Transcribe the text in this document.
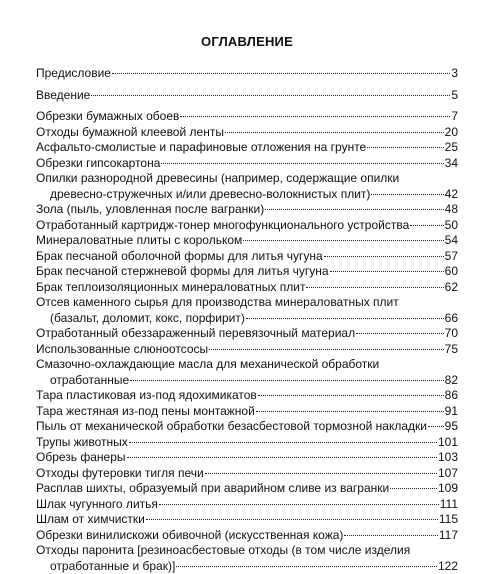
ОГЛАВЛЕНИЕ
Предисловие	3
Введение	5
Обрезки бумажных обоев	7
Отходы бумажной клеевой ленты	20
Асфальто-смолистые и парафиновые отложения на грунте	25
Обрезки гипсокартона	34
Опилки разнородной древесины (например, содержащие опилки
древесно-стружечных и/или древесно-волокнистых плит)	42
Зола (пыль, уловленная после вагранки)	48
Отработанный картридж-тонер многофункционального устройства	50
Минераловатные плиты с корольком	54
Брак песчаной оболочной формы для литья чугуна	57
Брак песчаной стержневой формы для литья чугуна	60
Брак теплоизоляционных минераловатных плит	62
Отсев каменного сырья для производства минераловатных плит
(базальт, доломит, кокс, порфирит)	66
Отработанный обеззараженный перевязочный материал	70
Использованные слюноотсосы	75
Смазочно-охлаждающие масла для механической обработки
отработанные	82
Тара пластиковая из-под ядохимикатов	86
Тара жестяная из-под пены монтажной	91
Пыль от механической обработки безасбестовой тормозной накладки 95
Трупы животных	101
Обрезь фанеры	103
Отходы футеровки тигля печи	107
Расплав шихты, образуемый при аварийном сливе из вагранки	109
Шлак чугунного литья	111
Шлам от химчистки	115
Обрезки винилискожи обивочной (искусственная кожа)	117
Отходы паронита [резиноасбестовые отходы (в том числе изделия
отработанные и брак)]	122
